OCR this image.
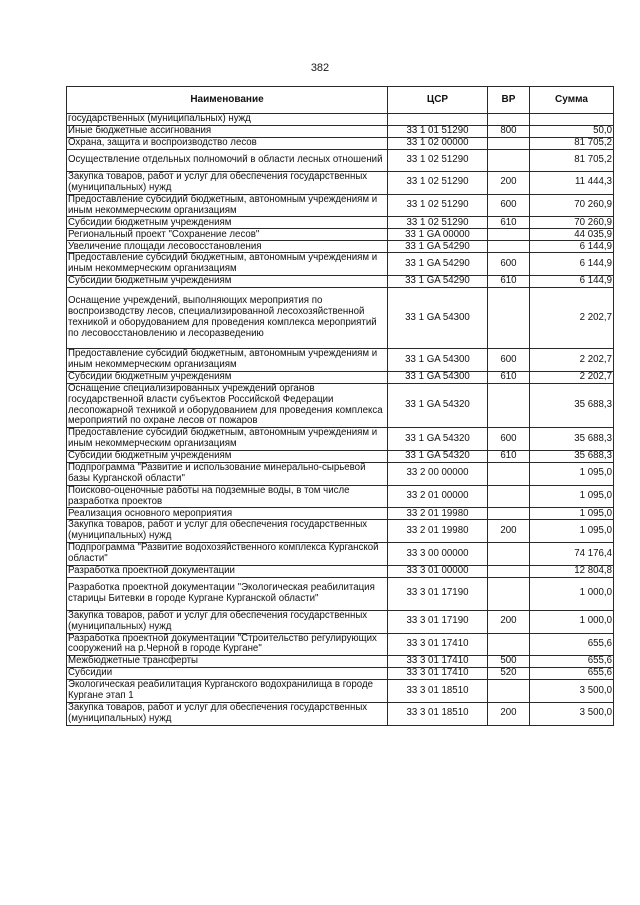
382
Наименование	ЦСР	ВР	Сумма
государственных (муниципальных) нужд			
Иные бюджетные ассигнования	33 1 01 51290	800	50,0
Охрана, защита и воспроизводство лесов	33 1 02 00000		81 705,2
Осуществление отдельных полномочий в области лесных отношений	33 1 02 51290		81 705,2
Закупка товаров, работ и услуг для обеспечения государственных (муниципальных) нужд	33 1 02 51290	200	11 444,3
Предоставление субсидий бюджетным, автономным учреждениям и иным некоммерческим организациям	33 1 02 51290	600	70 260,9
Субсидии бюджетным учреждениям	33 1 02 51290	610	70 260,9
Региональный проект "Сохранение лесов"	33 1 GA 00000		44 035,9
Увеличение площади лесовосстановления	33 1 GA 54290		6 144,9
Предоставление субсидий бюджетным, автономным учреждениям и иным некоммерческим организациям	33 1 GA 54290	600	6 144,9
Субсидии бюджетным учреждениям	33 1 GA 54290	610	6 144,9
Оснащение учреждений, выполняющих мероприятия по воспроизводству лесов, специализированной лесохозяйственной техникой и оборудованием для проведения комплекса мероприятий по лесовосстановлению и лесоразведению	33 1 GA 54300		2 202,7
Предоставление субсидий бюджетным, автономным учреждениям и иным некоммерческим организациям	33 1 GA 54300	600	2 202,7
Субсидии бюджетным учреждениям	33 1 GA 54300	610	2 202,7
Оснащение специализированных учреждений органов государственной власти субъектов Российской Федерации лесопожарной техникой и оборудованием для проведения комплекса мероприятий по охране лесов от пожаров	33 1 GA 54320		35 688,3
Предоставление субсидий бюджетным, автономным учреждениям и иным некоммерческим организациям	33 1 GA 54320	600	35 688,3
Субсидии бюджетным учреждениям	33 1 GA 54320	610	35 688,3
Подпрограмма "Развитие и использование минерально-сырьевой базы Курганской области"	33 2 00 00000		1 095,0
Поисково-оценочные работы на подземные воды, в том числе разработка проектов	33 2 01 00000		1 095,0
Реализация основного мероприятия	33 2 01 19980		1 095,0
Закупка товаров, работ и услуг для обеспечения государственных (муниципальных) нужд	33 2 01 19980	200	1 095,0
Подпрограмма "Развитие водохозяйственного комплекса Курганской области"	33 3 00 00000		74 176,4
Разработка проектной документации	33 3 01 00000		12 804,8
Разработка проектной документации "Экологическая реабилитация старицы Битевки в городе Кургане Курганской области"	33 3 01 17190		1 000,0
Закупка товаров, работ и услуг для обеспечения государственных (муниципальных) нужд	33 3 01 17190	200	1 000,0
Разработка проектной документации "Строительство регулирующих сооружений на р.Черной в городе Кургане"	33 3 01 17410		655,6
Межбюджетные трансферты	33 3 01 17410	500	655,6
Субсидии	33 3 01 17410	520	655,6
Экологическая реабилитация Курганского водохранилища в городе Кургане этап 1	33 3 01 18510		3 500,0
Закупка товаров, работ и услуг для обеспечения государственных (муниципальных) нужд	33 3 01 18510	200	3 500,0
